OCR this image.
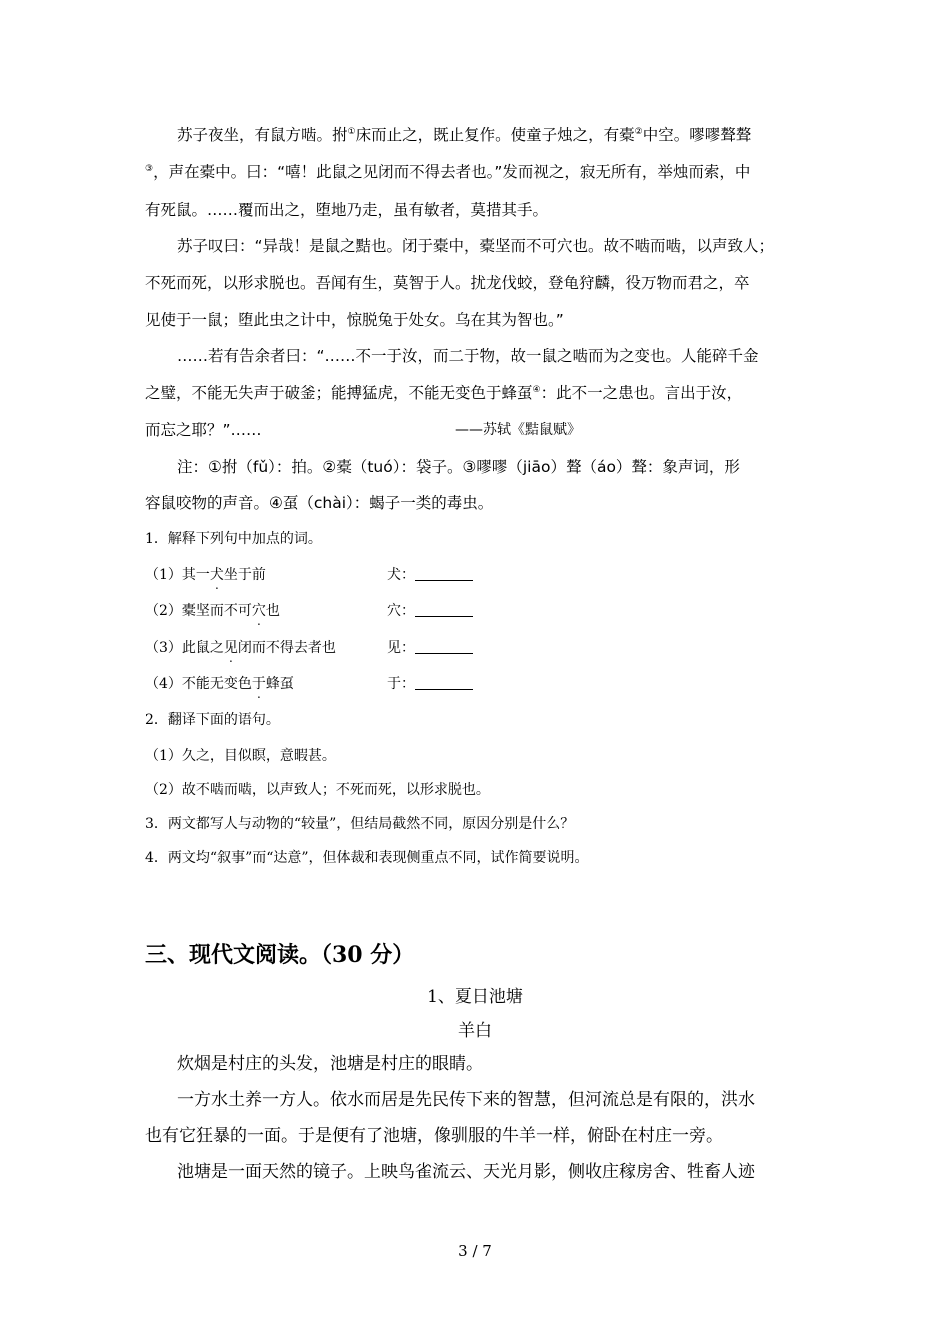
苏子夜坐，有鼠方啮。拊①床而止之，既止复作。使童子烛之，有橐②中空。嘐嘐聱聱
③，声在橐中。曰：“嘻！此鼠之见闭而不得去者也。”发而视之，寂无所有，举烛而索，中
有死鼠。……覆而出之，堕地乃走，虽有敏者，莫措其手。
苏子叹曰：“异哉！是鼠之黠也。闭于橐中，橐坚而不可穴也。故不啮而啮，以声致人；
不死而死，以形求脱也。吾闻有生，莫智于人。扰龙伐蛟，登龟狩麟，役万物而君之，卒
见使于一鼠；堕此虫之计中，惊脱兔于处女。乌在其为智也。”
……若有告余者曰：“……不一于汝，而二于物，故一鼠之啮而为之变也。人能碎千金
之璧，不能无失声于破釜；能搏猛虎，不能无变色于蜂虿④：此不一之患也。言出于汝，
而忘之耶？”……	——苏轼《黠鼠赋》
注：①拊（fǔ）：拍。②橐（tuó）：袋子。③嘐嘐（jiāo）聱（áo）聱：象声词，形
容鼠咬物的声音。④虿（chài）：蝎子一类的毒虫。
1．解释下列句中加点的词。
（1）其一犬坐于前	犬：
（2）橐坚而不可穴也	穴：
（3）此鼠之见闭而不得去者也	见：
（4）不能无变色于蜂虿	于：
2．翻译下面的语句。
（1）久之，目似瞑，意暇甚。
（2）故不啮而啮，以声致人；不死而死，以形求脱也。
3．两文都写人与动物的“较量”，但结局截然不同，原因分别是什么？
4．两文均“叙事”而“达意”，但体裁和表现侧重点不同，试作简要说明。
三、现代文阅读。（30 分）
1、夏日池塘
羊白
炊烟是村庄的头发，池塘是村庄的眼睛。
一方水土养一方人。依水而居是先民传下来的智慧，但河流总是有限的，洪水
也有它狂暴的一面。于是便有了池塘，像驯服的牛羊一样，俯卧在村庄一旁。
池塘是一面天然的镜子。上映鸟雀流云、天光月影，侧收庄稼房舍、牲畜人迹
3 / 7
